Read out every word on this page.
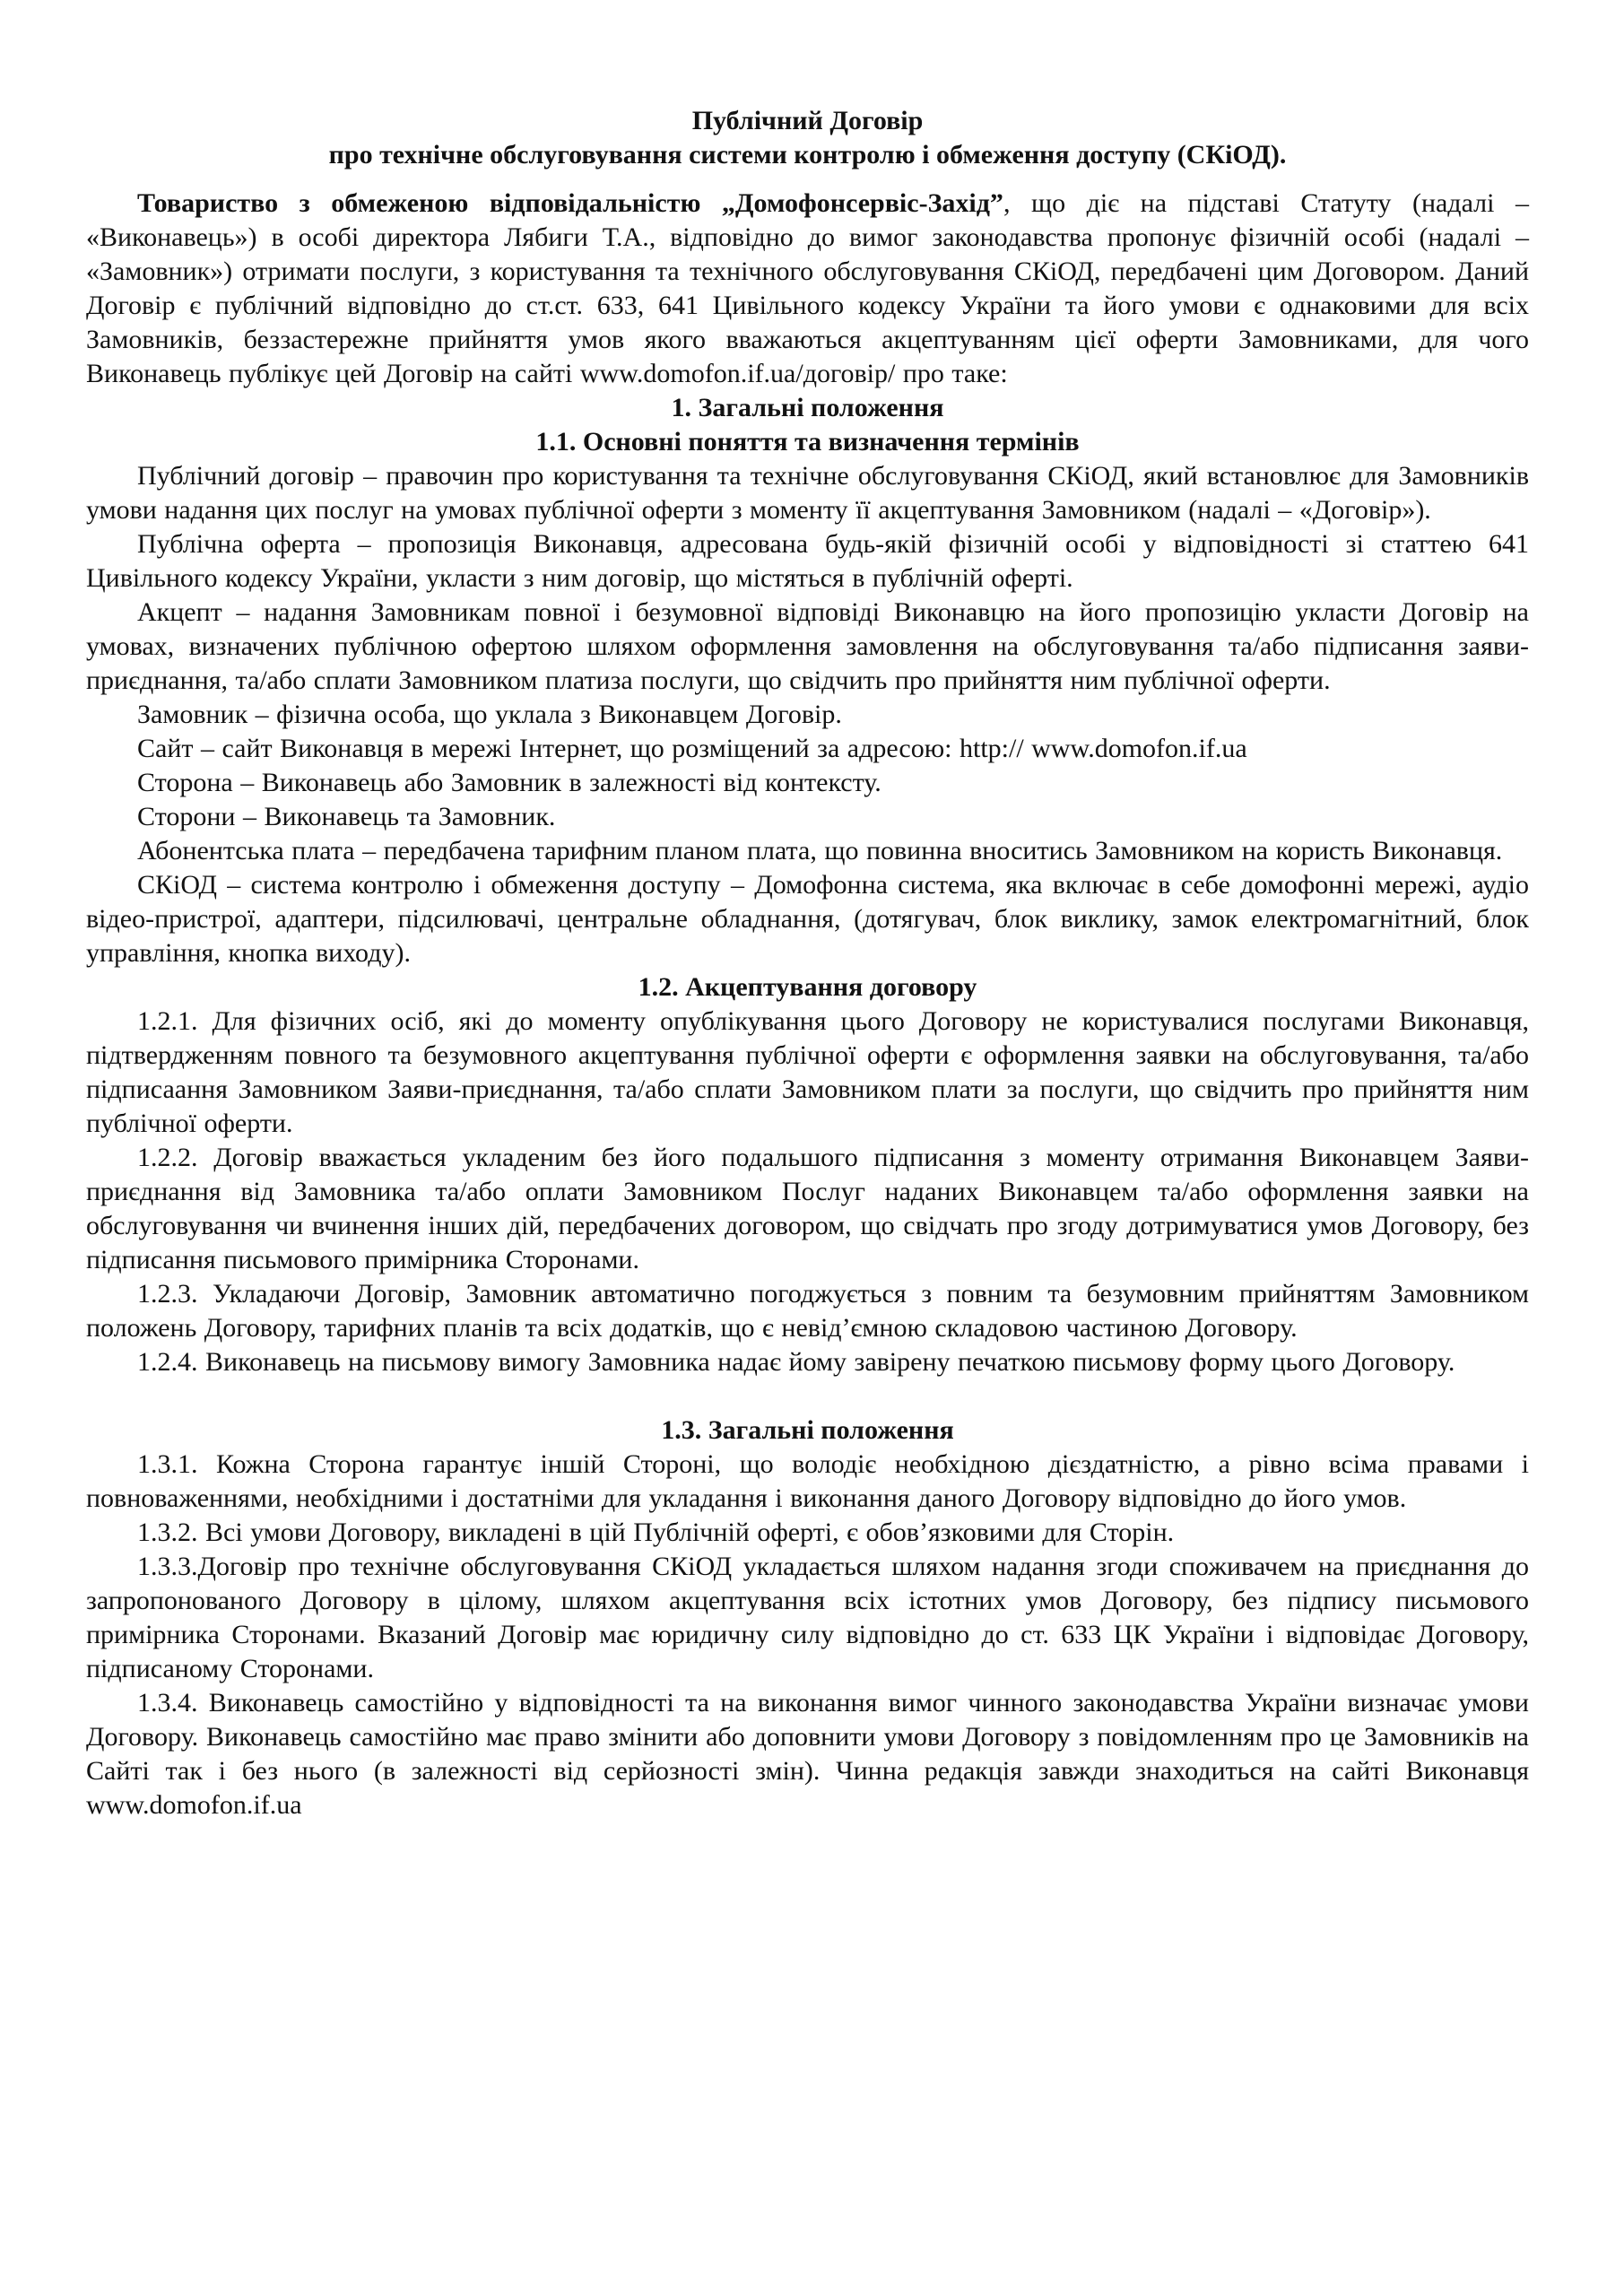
Публічний Договір
про технічне обслуговування системи контролю і обмеження доступу (СКіОД).

Товариство з обмеженою відповідальністю „Домофонсервіс-Захід”, що діє на підставі Статуту (надалі – «Виконавець») в особі директора Лябиги Т.А., відповідно до вимог законодавства пропонує фізичній особі (надалі – «Замовник») отримати послуги, з користування та технічного обслуговування СКіОД, передбачені цим Договором. Даний Договір є публічний відповідно до ст.ст. 633, 641 Цивільного кодексу України та його умови є однаковими для всіх Замовників, беззастережне прийняття умов якого вважаються акцептуванням цієї оферти Замовниками, для чого Виконавець публікує цей Договір на сайті www.domofon.if.ua/договір/ про таке:

1. Загальні положення
1.1. Основні поняття та визначення термінів

Публічний договір – правочин про користування та технічне обслуговування СКіОД, який встановлює для Замовників умови надання цих послуг на умовах публічної оферти з моменту її акцептування Замовником (надалі – «Договір»).

Публічна оферта – пропозиція Виконавця, адресована будь-якій фізичній особі у відповідності зі статтею 641 Цивільного кодексу України, укласти з ним договір, що містяться в публічній оферті.

Акцепт – надання Замовникам повної і безумовної відповіді Виконавцю на його пропозицію укласти Договір на умовах, визначених публічною офертою шляхом оформлення замовлення на обслуговування та/або підписання заяви-приєднання, та/або сплати Замовником платиза послуги, що свідчить про прийняття ним публічної оферти.

Замовник – фізична особа, що уклала з Виконавцем Договір.

Сайт – сайт Виконавця в мережі Інтернет, що розміщений за адресою: http:// www.domofon.if.ua

Сторона – Виконавець або Замовник в залежності від контексту.

Сторони – Виконавець та Замовник.

Абонентська плата – передбачена тарифним планом плата, що повинна вноситись Замовником на користь Виконавця.

СКіОД – система контролю і обмеження доступу – Домофонна система, яка включає в себе домофонні мережі, аудіо відео-пристрої, адаптери, підсилювачі, центральне обладнання, (дотягувач, блок виклику, замок електромагнітний, блок управління, кнопка виходу).

1.2. Акцептування договору

1.2.1. Для фізичних осіб, які до моменту опублікування цього Договору не користувалися послугами Виконавця, підтвердженням повного та безумовного акцептування публічної оферти є оформлення заявки на обслуговування, та/або підписаання Замовником Заяви-приєднання, та/або сплати Замовником плати за послуги, що свідчить про прийняття ним публічної оферти.

1.2.2. Договір вважається укладеним без його подальшого підписання з моменту отримання Виконавцем Заяви-приєднання від Замовника та/або оплати Замовником Послуг наданих Виконавцем та/або оформлення заявки на обслуговування чи вчинення інших дій, передбачених договором, що свідчать про згоду дотримуватися умов Договору, без підписання письмового примірника Сторонами.

1.2.3. Укладаючи Договір, Замовник автоматично погоджується з повним та безумовним прийняттям Замовником положень Договору, тарифних планів та всіх додатків, що є невід’ємною складовою частиною Договору.

1.2.4. Виконавець на письмову вимогу Замовника надає йому завірену печаткою письмову форму цього Договору.

1.3. Загальні положення

1.3.1. Кожна Сторона гарантує іншій Стороні, що володіє необхідною дієздатністю, а рівно всіма правами і повноваженнями, необхідними і достатніми для укладання і виконання даного Договору відповідно до його умов.

1.3.2. Всі умови Договору, викладені в цій Публічній оферті, є обов’язковими для Сторін.

1.3.3.Договір про технічне обслуговування СКіОД укладається шляхом надання згоди споживачем на приєднання до запропонованого Договору в цілому, шляхом акцептування всіх істотних умов Договору, без підпису письмового примірника Сторонами. Вказаний Договір має юридичну силу відповідно до ст. 633 ЦК України і відповідає Договору, підписаному Сторонами.

1.3.4. Виконавець самостійно у відповідності та на виконання вимог чинного законодавства України визначає умови Договору. Виконавець самостійно має право змінити або доповнити умови Договору з повідомленням про це Замовників на Сайті так і без нього (в залежності від серйозності змін). Чинна редакція завжди знаходиться на сайті Виконавця www.domofon.if.ua
